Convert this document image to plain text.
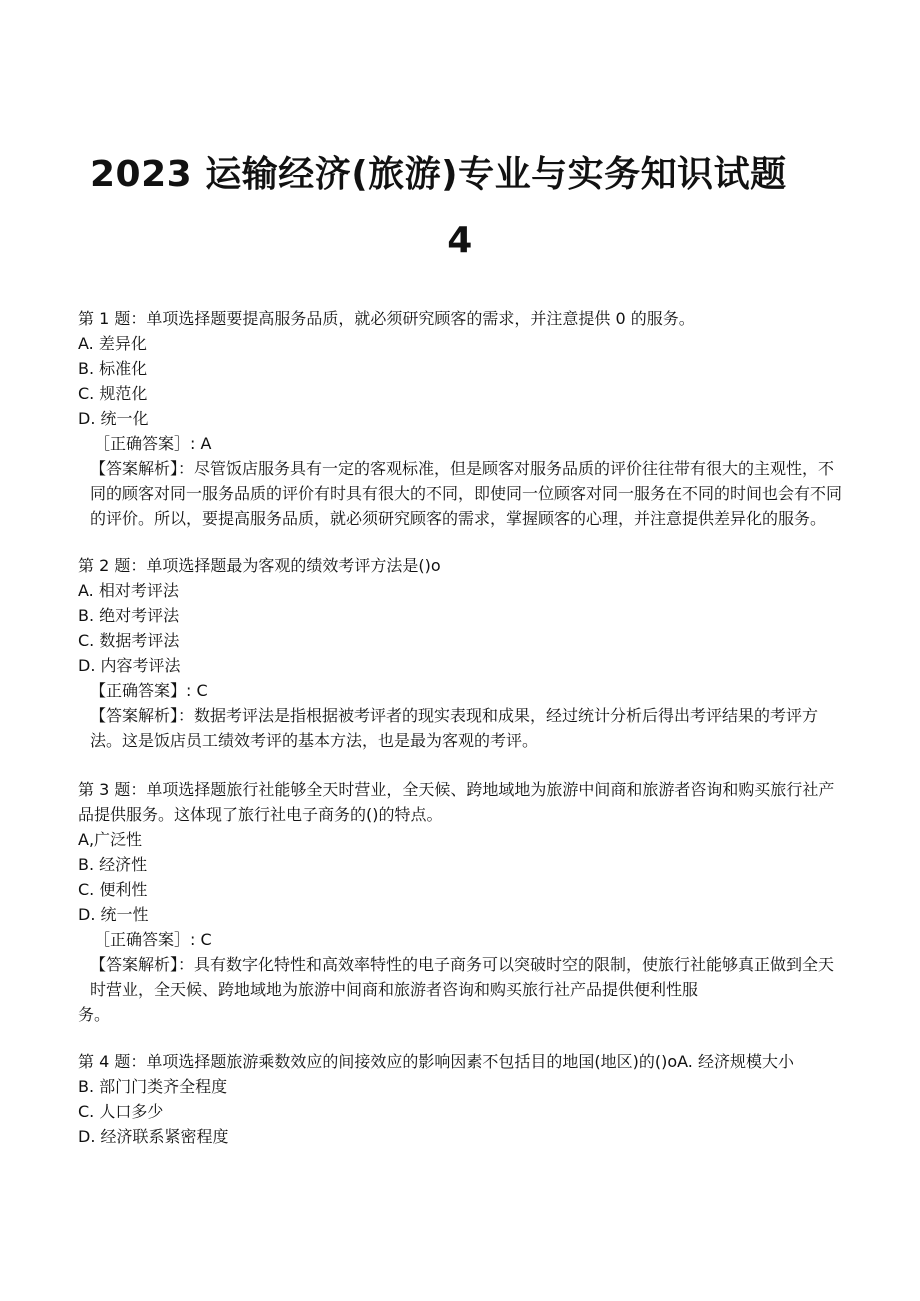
2023 运输经济(旅游)专业与实务知识试题
4

第 1 题：单项选择题要提高服务品质，就必须研究顾客的需求，并注意提供 0 的服务。

A. 差异化

B. 标准化

C. 规范化

D. 统一化

［正确答案］: A

【答案解析】：尽管饭店服务具有一定的客观标准，但是顾客对服务品质的评价往往带有很大的主观性，不同的顾客对同一服务品质的评价有时具有很大的不同，即使同一位顾客对同一服务在不同的时间也会有不同的评价。所以，要提高服务品质，就必须研究顾客的需求，掌握顾客的心理，并注意提供差异化的服务。

第 2 题：单项选择题最为客观的绩效考评方法是()o

A. 相对考评法

B. 绝对考评法

C. 数据考评法

D. 内容考评法

【正确答案】: C

【答案解析】：数据考评法是指根据被考评者的现实表现和成果，经过统计分析后得出考评结果的考评方法。这是饭店员工绩效考评的基本方法，也是最为客观的考评。

第 3 题：单项选择题旅行社能够全天时营业，全天候、跨地域地为旅游中间商和旅游者咨询和购买旅行社产品提供服务。这体现了旅行社电子商务的()的特点。

A,广泛性

B. 经济性

C. 便利性

D. 统一性

［正确答案］: C

【答案解析】：具有数字化特性和高效率特性的电子商务可以突破时空的限制，使旅行社能够真正做到全天时营业，全天候、跨地域地为旅游中间商和旅游者咨询和购买旅行社产品提供便利性服

务。

第 4 题：单项选择题旅游乘数效应的间接效应的影响因素不包括目的地国(地区)的()oA. 经济规模大小

B. 部门门类齐全程度

C. 人口多少

D. 经济联系紧密程度
